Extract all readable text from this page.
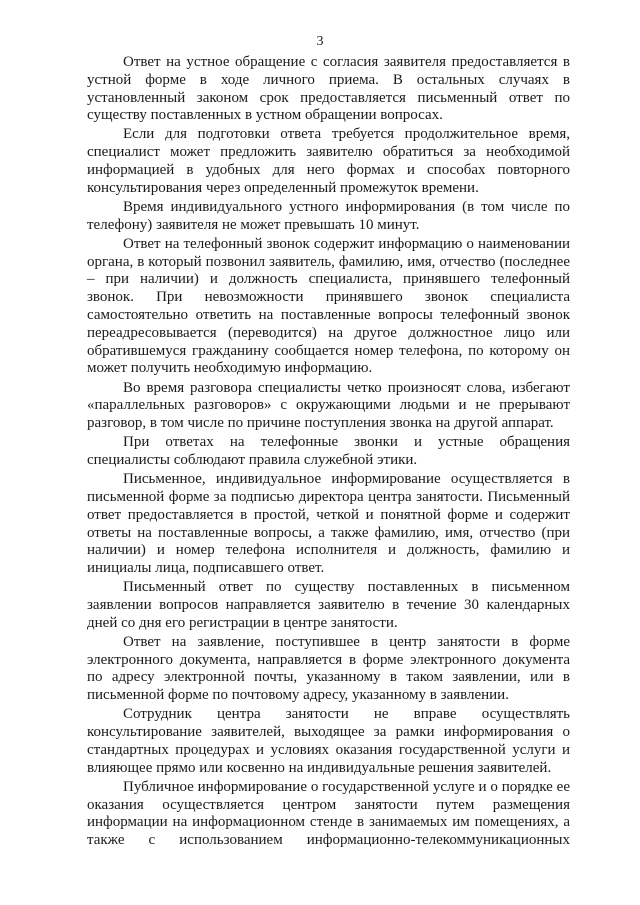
3

Ответ на устное обращение с согласия заявителя предоставляется в устной форме в ходе личного приема. В остальных случаях в установленный законом срок предоставляется письменный ответ по существу поставленных в устном обращении вопросах.

Если для подготовки ответа требуется продолжительное время, специалист может предложить заявителю обратиться за необходимой информацией в удобных для него формах и способах повторного консультирования через определенный промежуток времени.

Время индивидуального устного информирования (в том числе по телефону) заявителя не может превышать 10 минут.

Ответ на телефонный звонок содержит информацию о наименовании органа, в который позвонил заявитель, фамилию, имя, отчество (последнее – при наличии) и должность специалиста, принявшего телефонный звонок. При невозможности принявшего звонок специалиста самостоятельно ответить на поставленные вопросы телефонный звонок переадресовывается (переводится) на другое должностное лицо или обратившемуся гражданину сообщается номер телефона, по которому он может получить необходимую информацию.

Во время разговора специалисты четко произносят слова, избегают «параллельных разговоров» с окружающими людьми и не прерывают разговор, в том числе по причине поступления звонка на другой аппарат.

При ответах на телефонные звонки и устные обращения специалисты соблюдают правила служебной этики.

Письменное, индивидуальное информирование осуществляется в письменной форме за подписью директора центра занятости. Письменный ответ предоставляется в простой, четкой и понятной форме и содержит ответы на поставленные вопросы, а также фамилию, имя, отчество (при наличии) и номер телефона исполнителя и должность, фамилию и инициалы лица, подписавшего ответ.

Письменный ответ по существу поставленных в письменном заявлении вопросов направляется заявителю в течение 30 календарных дней со дня его регистрации в центре занятости.

Ответ на заявление, поступившее в центр занятости в форме электронного документа, направляется в форме электронного документа по адресу электронной почты, указанному в таком заявлении, или в письменной форме по почтовому адресу, указанному в заявлении.

Сотрудник центра занятости не вправе осуществлять консультирование заявителей, выходящее за рамки информирования о стандартных процедурах и условиях оказания государственной услуги и влияющее прямо или косвенно на индивидуальные решения заявителей.

Публичное информирование о государственной услуге и о порядке ее оказания осуществляется центром занятости путем размещения информации на информационном стенде в занимаемых им помещениях, а также с использованием информационно-телекоммуникационных
